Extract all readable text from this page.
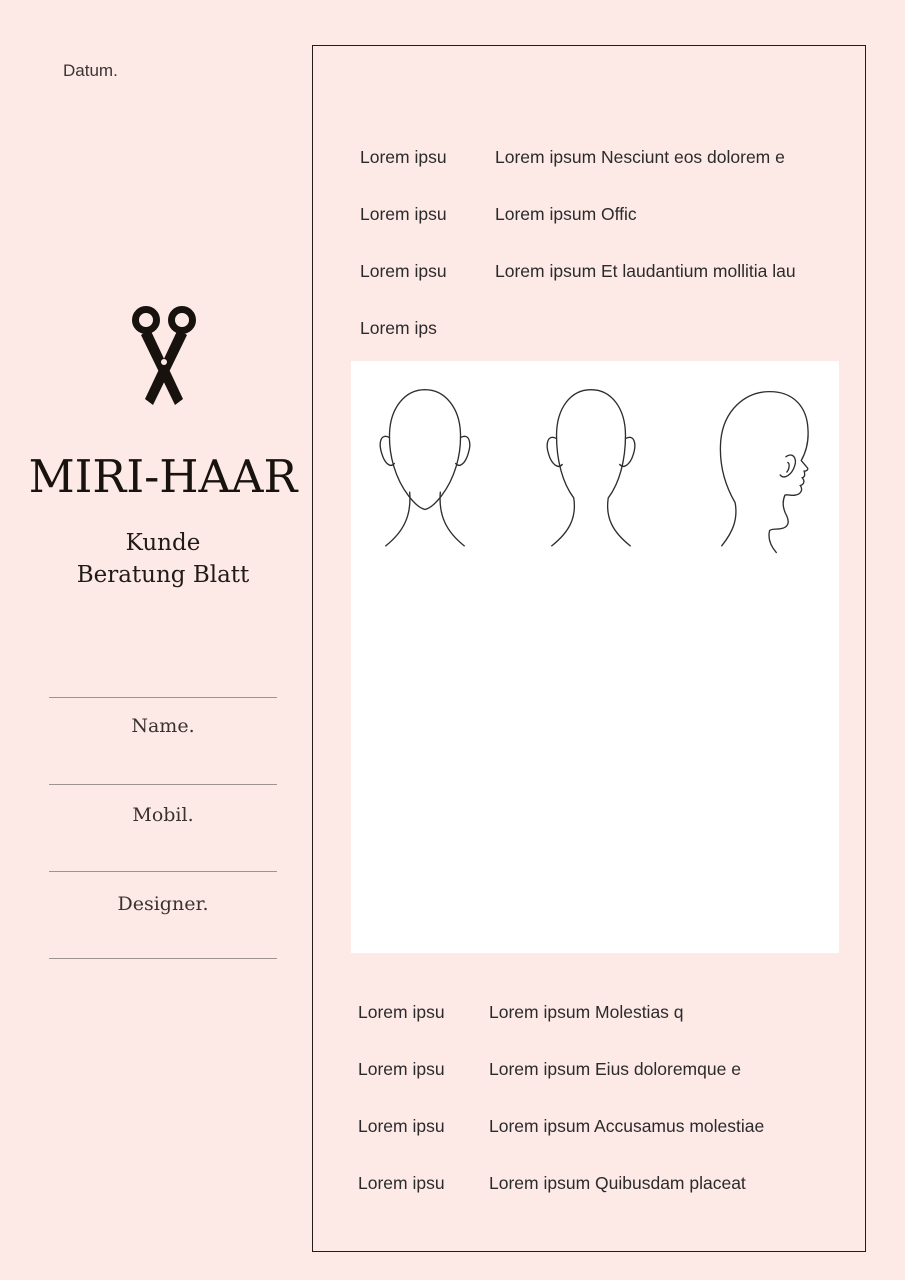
Datum.
MIRI-HAAR
Kunde
Beratung Blatt
Name.
Mobil.
Designer.
Lorem ipsu	Lorem ipsum Nesciunt eos dolorem e
Lorem ipsu	Lorem ipsum Offic
Lorem ipsu	Lorem ipsum Et laudantium mollitia lau
Lorem ips
Lorem ipsu	Lorem ipsum Molestias q
Lorem ipsu	Lorem ipsum Eius doloremque e
Lorem ipsu	Lorem ipsum Accusamus molestiae
Lorem ipsu	Lorem ipsum Quibusdam placeat
